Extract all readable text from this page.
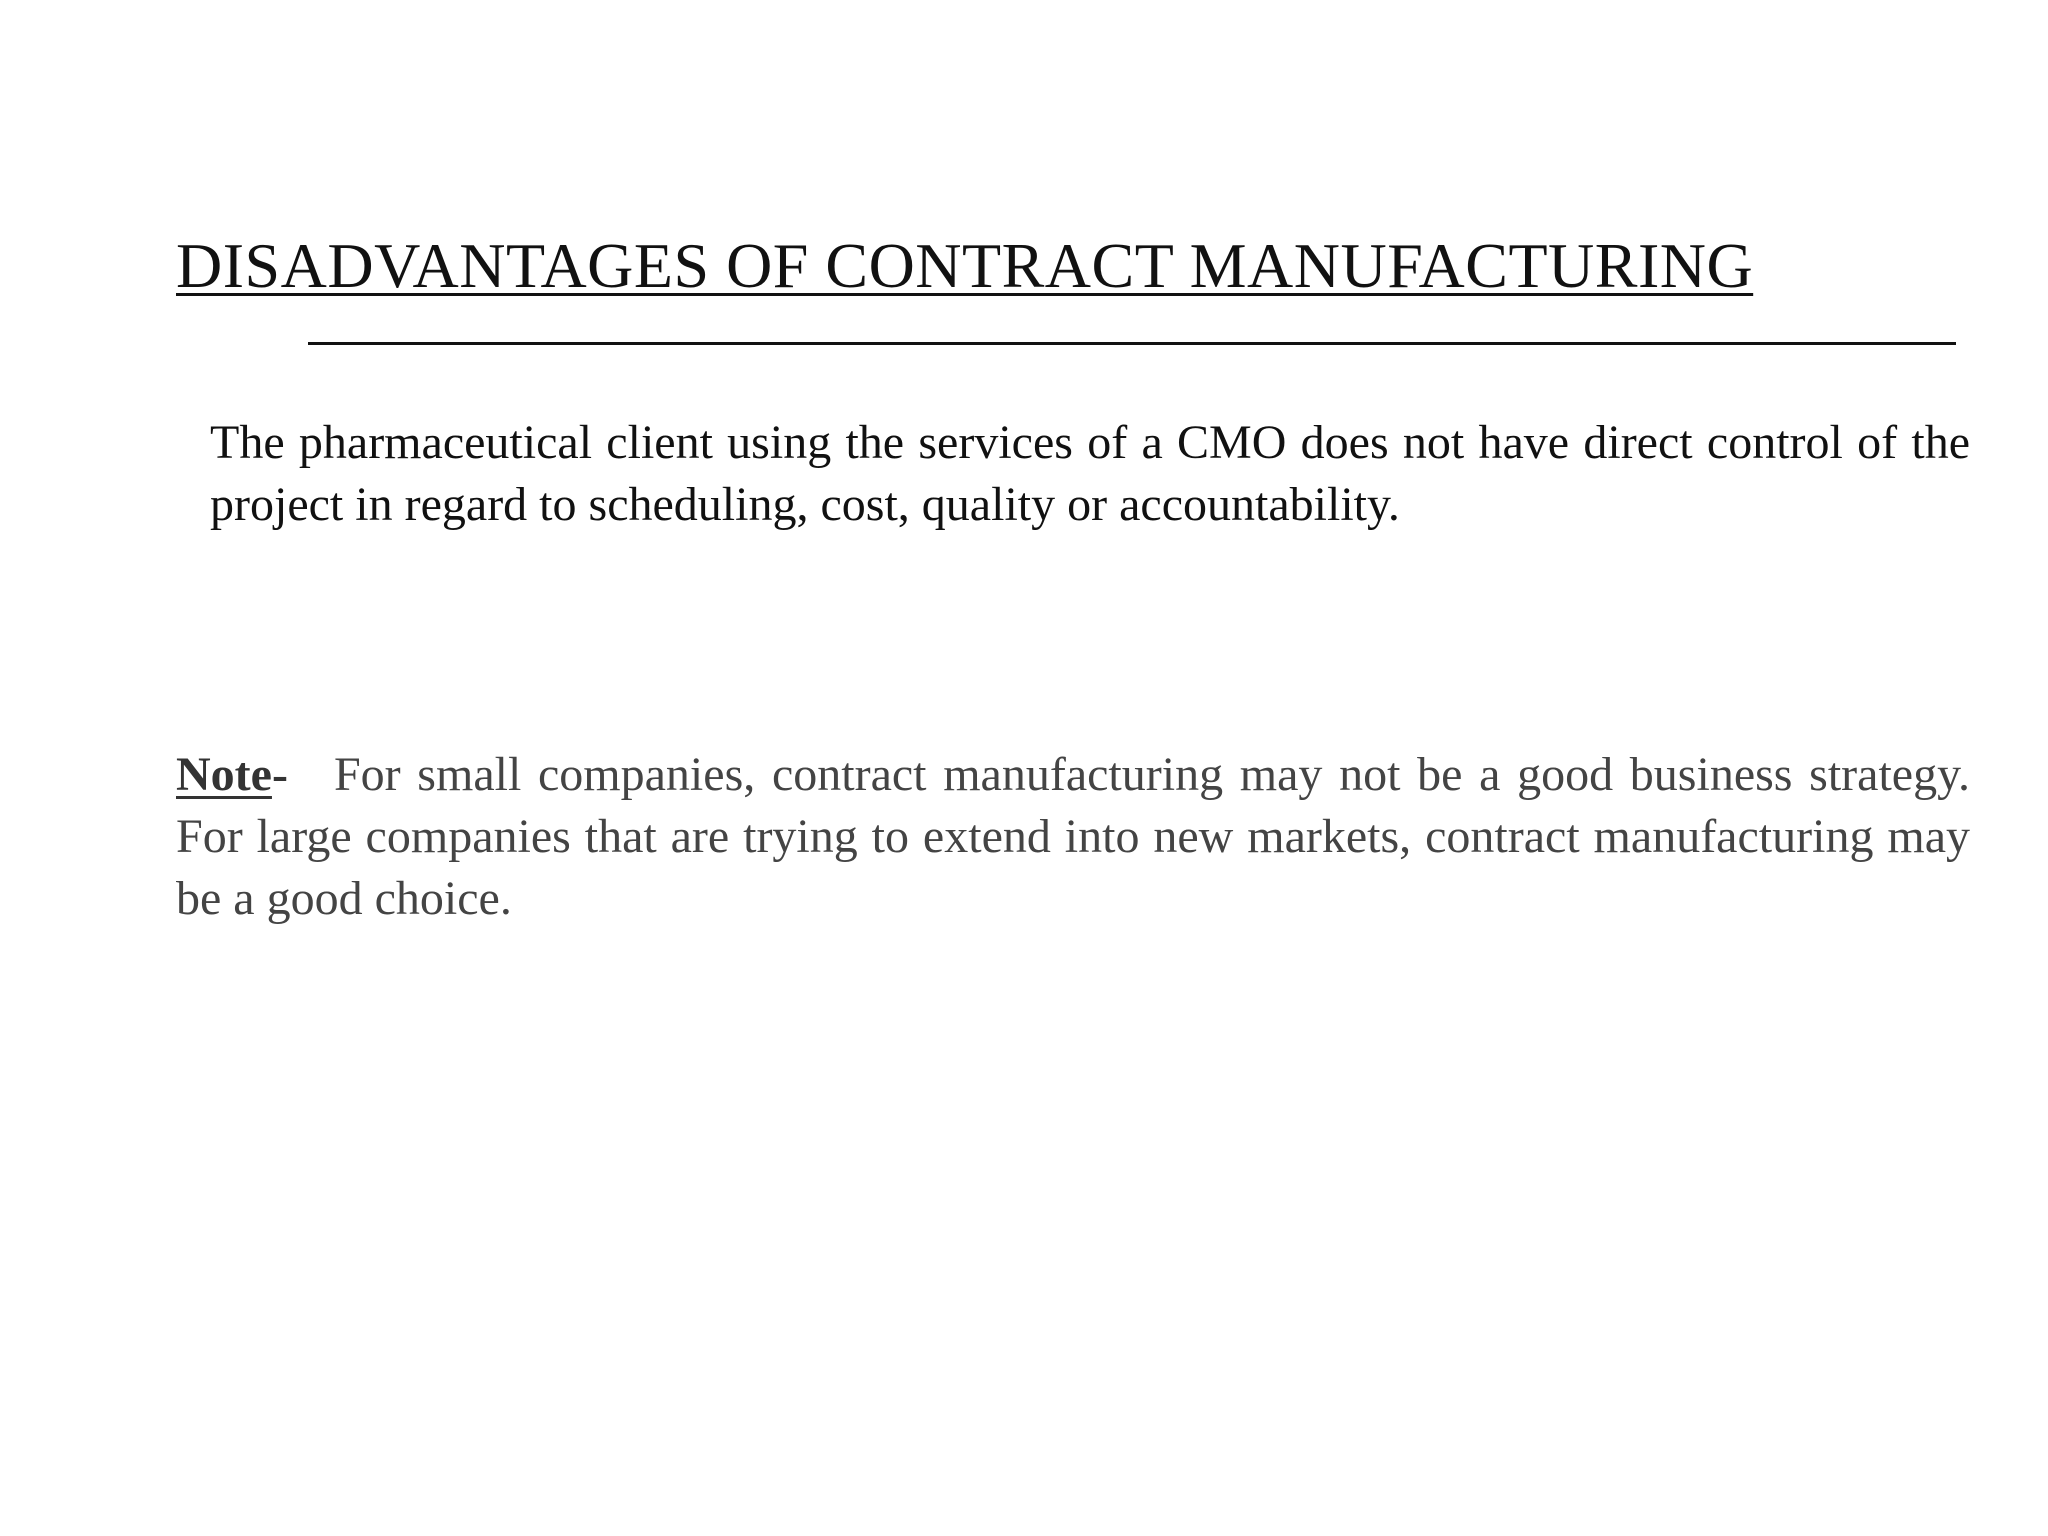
DISADVANTAGES OF CONTRACT MANUFACTURING
The pharmaceutical client using the services of a CMO does not have direct control of the project in regard to scheduling, cost, quality or accountability.
Note- For small companies, contract manufacturing may not be a good business strategy. For large companies that are trying to extend into new markets, contract manufacturing may be a good choice.
